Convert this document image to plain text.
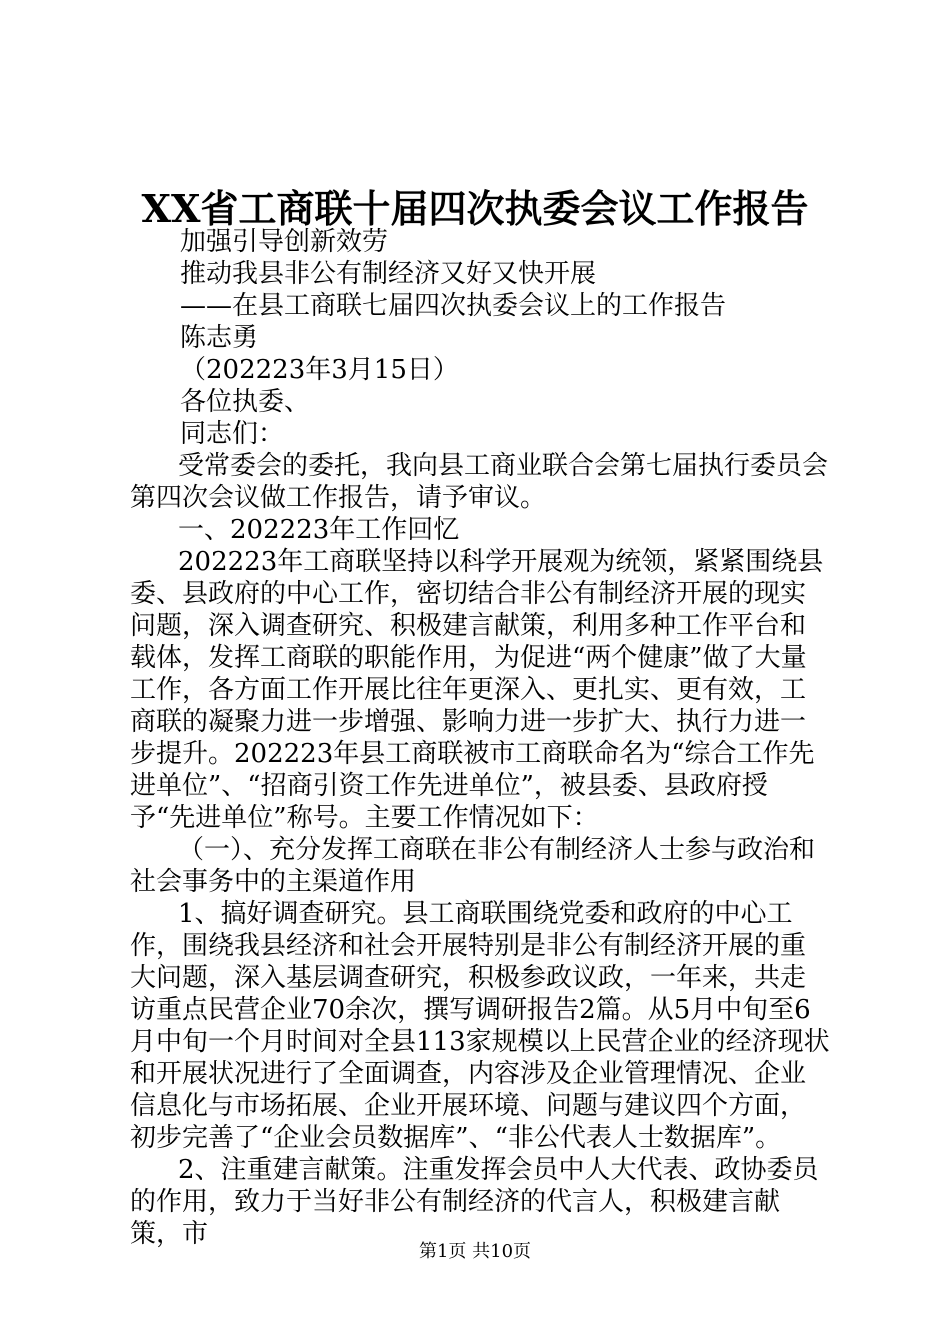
XX省工商联十届四次执委会议工作报告

加强引导创新效劳

推动我县非公有制经济又好又快开展

——在县工商联七届四次执委会议上的工作报告

陈志勇

（202223年3月15日）

各位执委、

同志们：

受常委会的委托，我向县工商业联合会第七届执行委员会第四次会议做工作报告，请予审议。

一、202223年工作回忆

202223年工商联坚持以科学开展观为统领，紧紧围绕县委、县政府的中心工作，密切结合非公有制经济开展的现实问题，深入调查研究、积极建言献策，利用多种工作平台和载体，发挥工商联的职能作用，为促进“两个健康”做了大量工作，各方面工作开展比往年更深入、更扎实、更有效，工商联的凝聚力进一步增强、影响力进一步扩大、执行力进一步提升。202223年县工商联被市工商联命名为“综合工作先进单位”、“招商引资工作先进单位”，被县委、县政府授予“先进单位”称号。主要工作情况如下：

（一）、充分发挥工商联在非公有制经济人士参与政治和社会事务中的主渠道作用

1、搞好调查研究。县工商联围绕党委和政府的中心工作，围绕我县经济和社会开展特别是非公有制经济开展的重大问题，深入基层调查研究，积极参政议政，一年来，共走访重点民营企业70余次，撰写调研报告2篇。从5月中旬至6月中旬一个月时间对全县113家规模以上民营企业的经济现状和开展状况进行了全面调查，内容涉及企业管理情况、企业信息化与市场拓展、企业开展环境、问题与建议四个方面，初步完善了“企业会员数据库”、“非公代表人士数据库”。

2、注重建言献策。注重发挥会员中人大代表、政协委员的作用，致力于当好非公有制经济的代言人，积极建言献策，市

第1页 共10页
